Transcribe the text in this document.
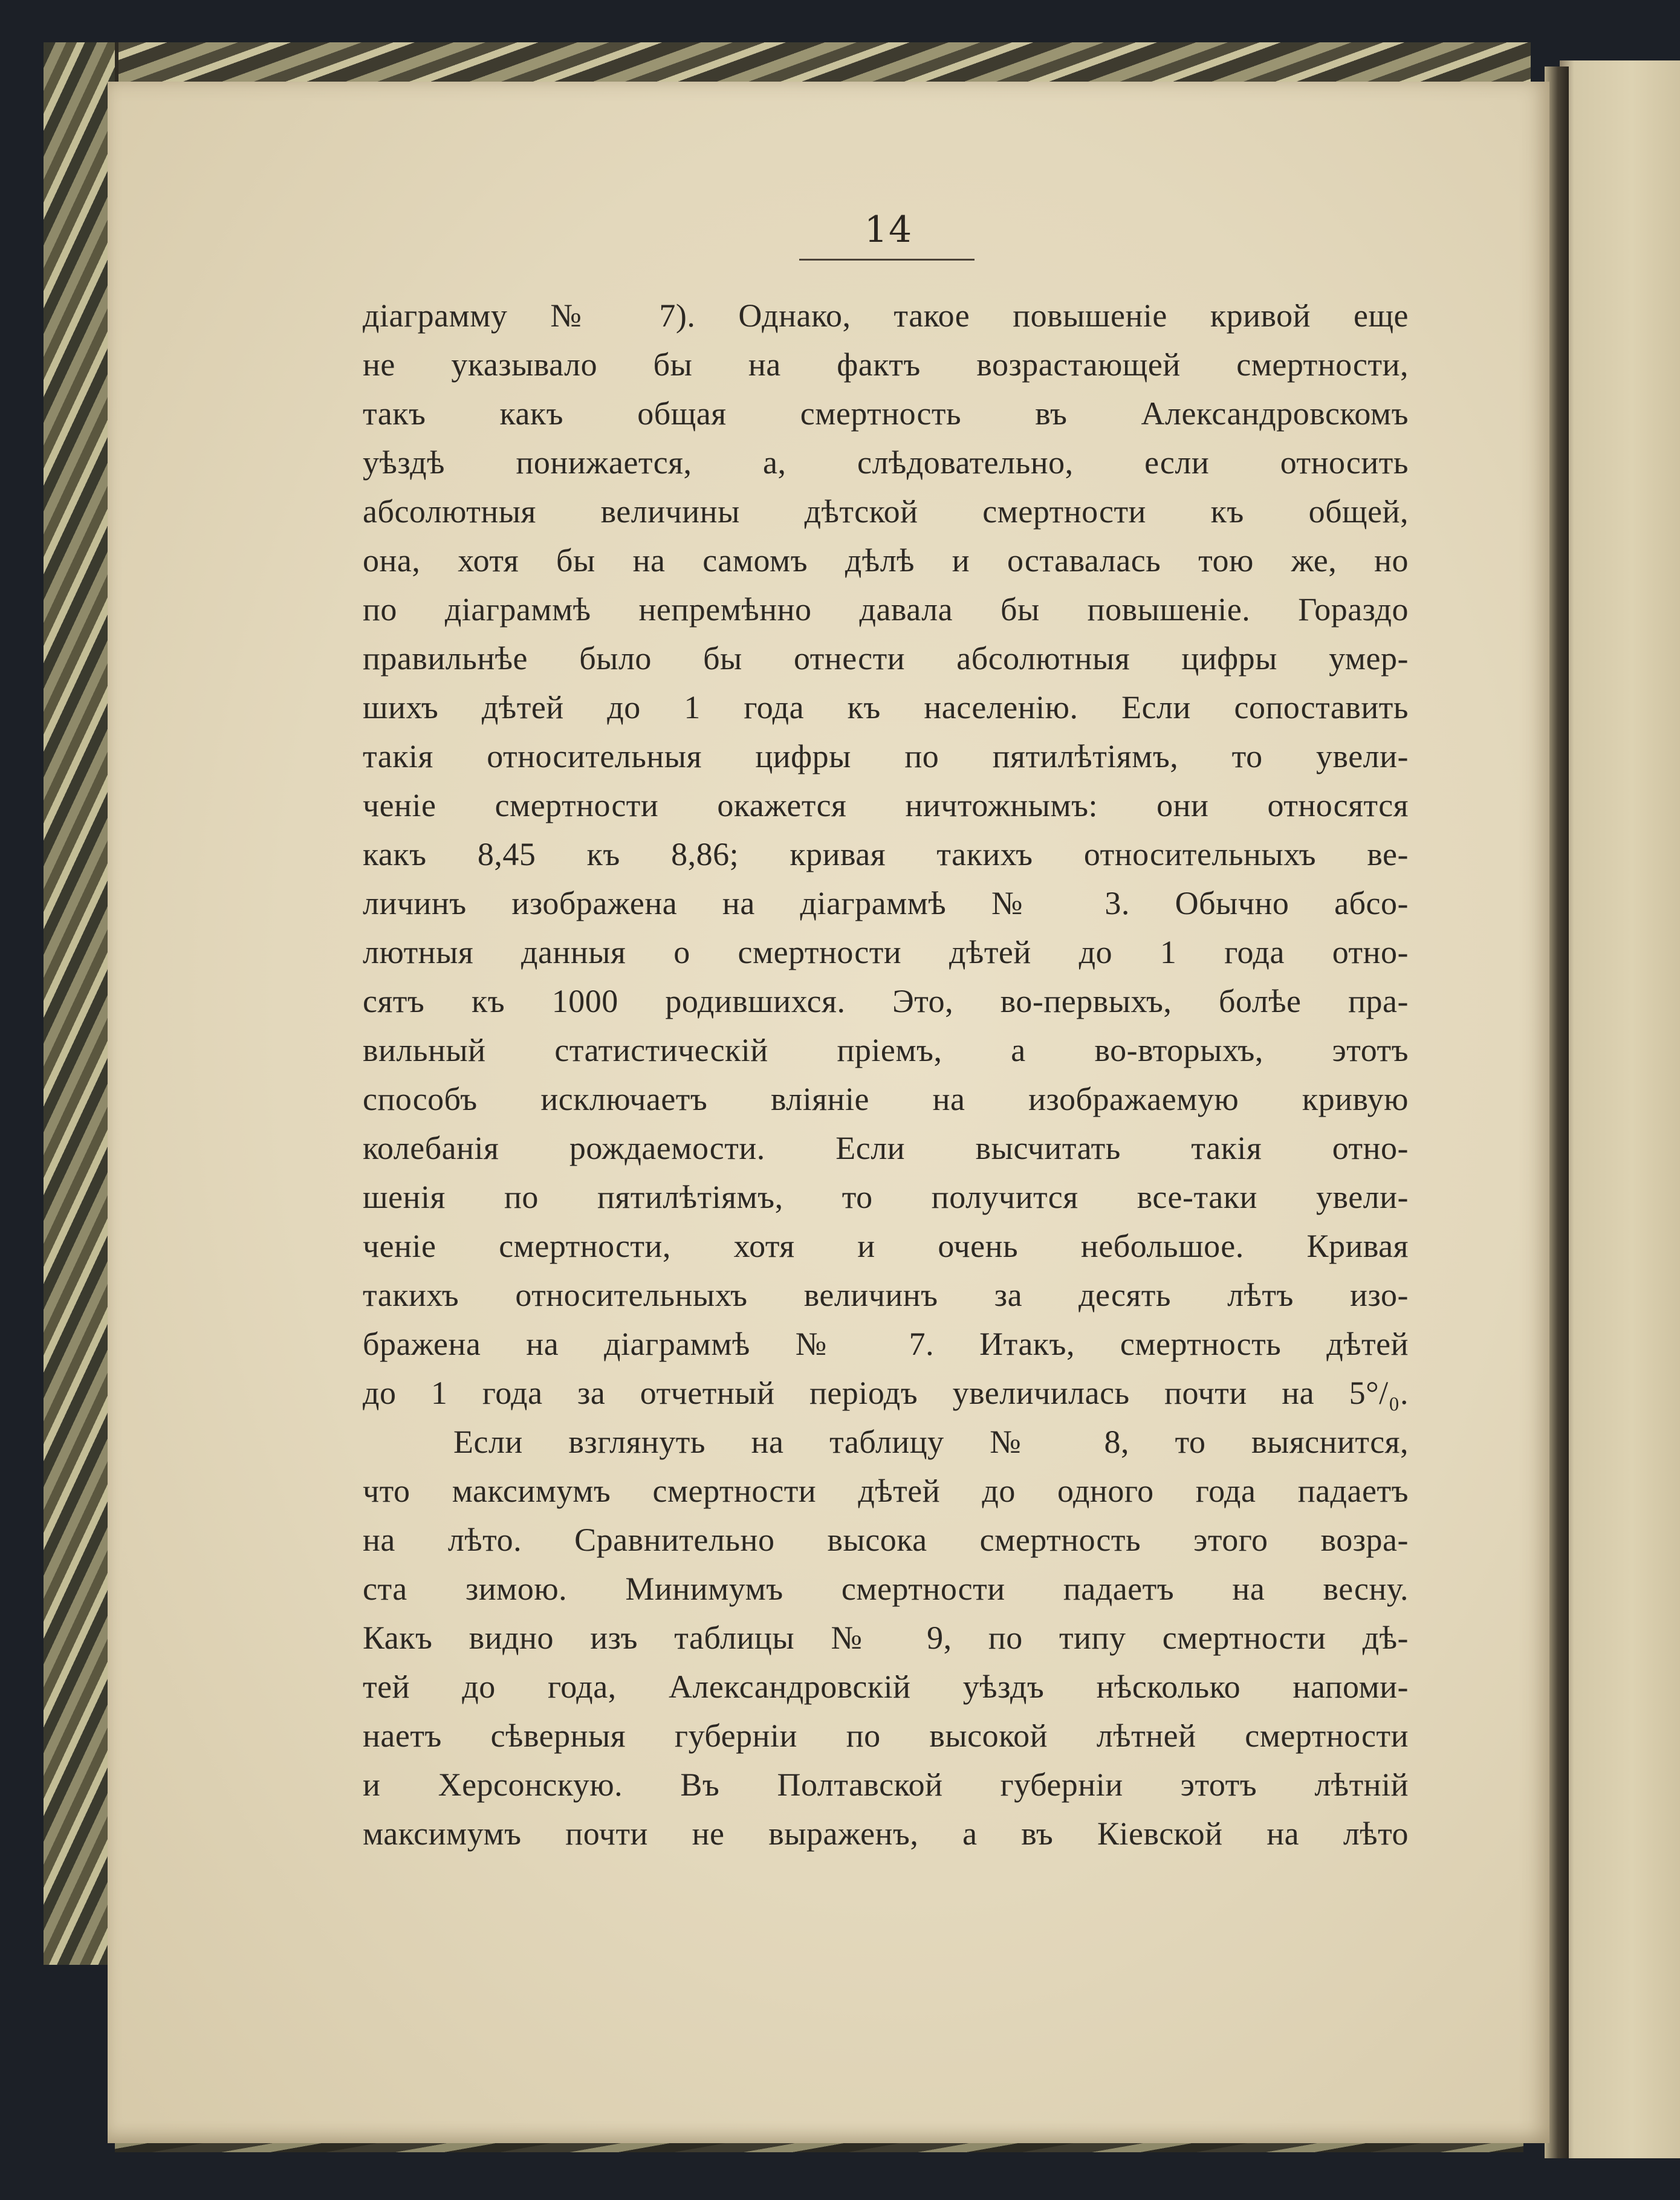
14
діаграмму № 7). Однако, такое повышеніе кривой еще
не указывало бы на фактъ возрастающей смертности,
такъ какъ общая смертность въ Александровскомъ
уѣздѣ понижается, а, слѣдовательно, если относить
абсолютныя величины дѣтской смертности къ общей,
она, хотя бы на самомъ дѣлѣ и оставалась тою же, но
по діаграммѣ непремѣнно давала бы повышеніе. Гораздо
правильнѣе было бы отнести абсолютныя цифры умер-
шихъ дѣтей до 1 года къ населенію. Если сопоставить
такія относительныя цифры по пятилѣтіямъ, то увели-
ченіе смертности окажется ничтожнымъ: они относятся
какъ 8,45 къ 8,86; кривая такихъ относительныхъ ве-
личинъ изображена на діаграммѣ № 3. Обычно абсо-
лютныя данныя о смертности дѣтей до 1 года отно-
сятъ къ 1000 родившихся. Это, во-первыхъ, болѣе пра-
вильный статистическій пріемъ, а во-вторыхъ, этотъ
способъ исключаетъ вліяніе на изображаемую кривую
колебанія рождаемости. Если высчитать такія отно-
шенія по пятилѣтіямъ, то получится все-таки увели-
ченіе смертности, хотя и очень небольшое. Кривая
такихъ относительныхъ величинъ за десять лѣтъ изо-
бражена на діаграммѣ № 7. Итакъ, смертность дѣтей
до 1 года за отчетный періодъ увеличилась почти на 5°/₀.
Если взглянуть на таблицу № 8, то выяснится,
что максимумъ смертности дѣтей до одного года падаетъ
на лѣто. Сравнительно высока смертность этого возра-
ста зимою. Минимумъ смертности падаетъ на весну.
Какъ видно изъ таблицы № 9, по типу смертности дѣ-
тей до года, Александровскій уѣздъ нѣсколько напоми-
наетъ сѣверныя губерніи по высокой лѣтней смертности
и Херсонскую. Въ Полтавской губерніи этотъ лѣтній
максимумъ почти не выраженъ, а въ Кіевской на лѣто
